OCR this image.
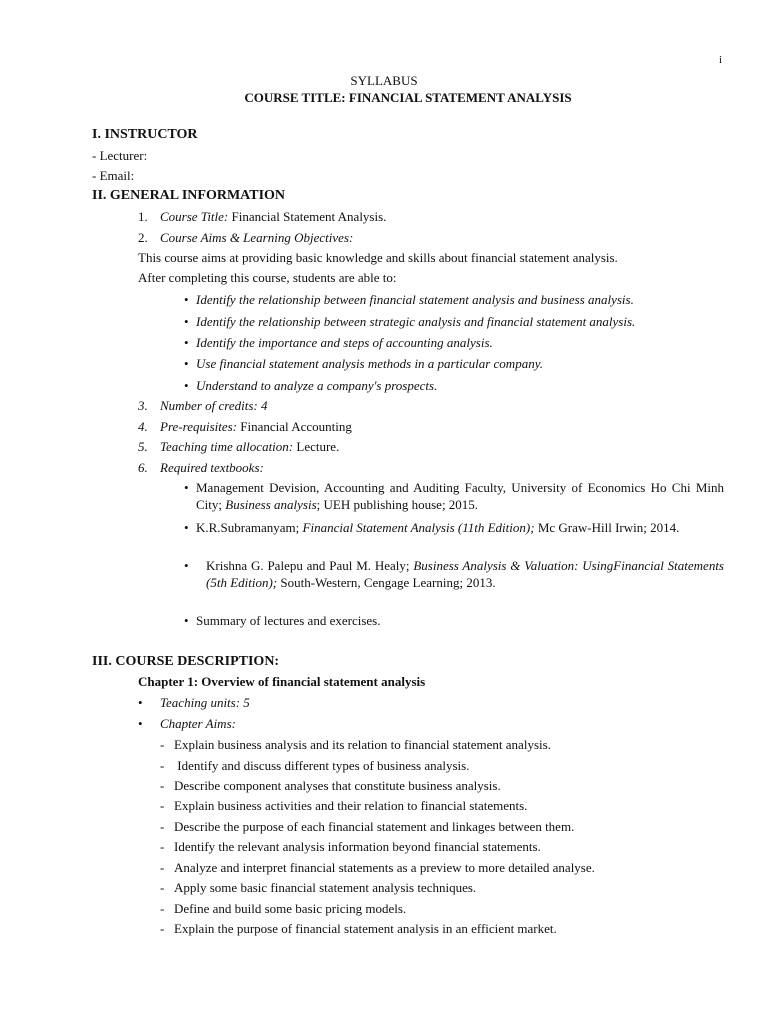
i
SYLLABUS
COURSE TITLE: FINANCIAL STATEMENT ANALYSIS
I. INSTRUCTOR
- Lecturer:
- Email:
II. GENERAL INFORMATION
1. Course Title: Financial Statement Analysis.
2. Course Aims & Learning Objectives:
This course aims at providing basic knowledge and skills about financial statement analysis.
After completing this course, students are able to:
• Identify the relationship between financial statement analysis and business analysis.
• Identify the relationship between strategic analysis and financial statement analysis.
• Identify the importance and steps of accounting analysis.
• Use financial statement analysis methods in a particular company.
• Understand to analyze a company's prospects.
3. Number of credits: 4
4. Pre-requisites: Financial Accounting
5. Teaching time allocation: Lecture.
6. Required textbooks:
• Management Devision, Accounting and Auditing Faculty, University of Economics Ho Chi Minh City; Business analysis; UEH publishing house; 2015.
• K.R.Subramanyam; Financial Statement Analysis (11th Edition); Mc Graw-Hill Irwin; 2014.
• Krishna G. Palepu and Paul M. Healy; Business Analysis & Valuation: UsingFinancial Statements (5th Edition); South-Western, Cengage Learning; 2013.
• Summary of lectures and exercises.
III. COURSE DESCRIPTION:
Chapter 1: Overview of financial statement analysis
• Teaching units: 5
• Chapter Aims:
- Explain business analysis and its relation to financial statement analysis.
- Identify and discuss different types of business analysis.
- Describe component analyses that constitute business analysis.
- Explain business activities and their relation to financial statements.
- Describe the purpose of each financial statement and linkages between them.
- Identify the relevant analysis information beyond financial statements.
- Analyze and interpret financial statements as a preview to more detailed analyse.
- Apply some basic financial statement analysis techniques.
- Define and build some basic pricing models.
- Explain the purpose of financial statement analysis in an efficient market.
